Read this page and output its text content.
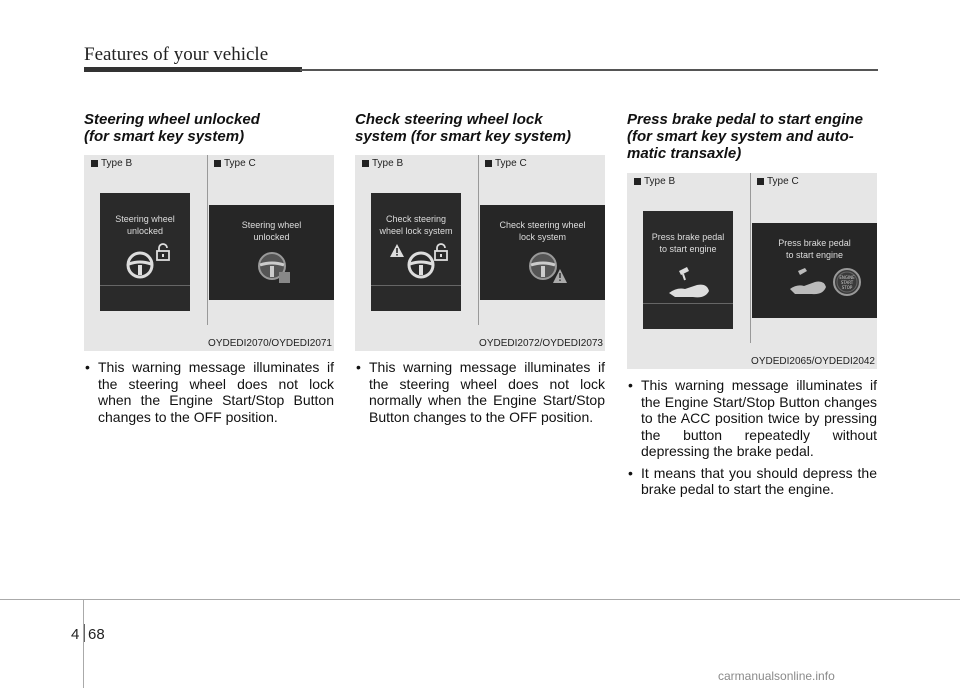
Features of your vehicle
Steering wheel unlocked
(for smart key system)
Type B	Type C
Steering wheel
unlocked
Steering wheel
unlocked
OYDEDI2070/OYDEDI2071
• This warning message illuminates if the steering wheel does not lock when the Engine Start/Stop Button changes to the OFF position.
Check steering wheel lock
system (for smart key system)
Type B	Type C
Check steering
wheel lock system
Check steering wheel
lock system
OYDEDI2072/OYDEDI2073
• This warning message illuminates if the steering wheel does not lock normally when the Engine Start/Stop Button changes to the OFF position.
Press brake pedal to start engine
(for smart key system and auto-
matic transaxle)
Type B	Type C
Press brake pedal
to start engine
Press brake pedal
to start engine
ENGINE
START
STOP
OYDEDI2065/OYDEDI2042
• This warning message illuminates if the Engine Start/Stop Button changes to the ACC position twice by pressing the button repeatedly without depressing the brake pedal.
• It means that you should depress the brake pedal to start the engine.
4 68
carmanualsonline.info
